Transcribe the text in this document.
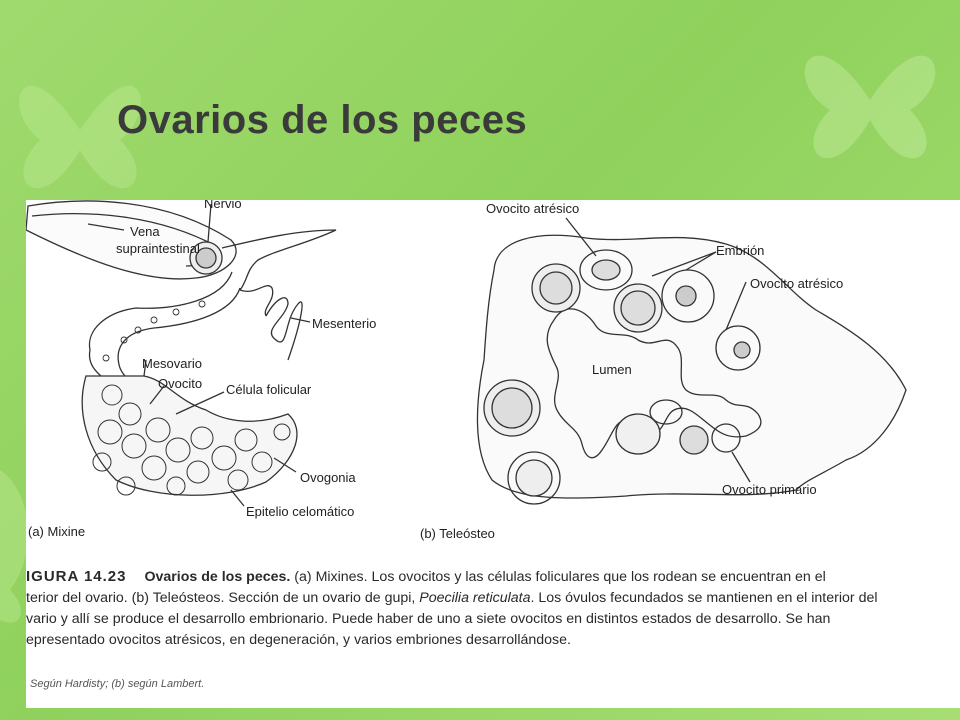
Ovarios de los peces
Nervio
Vena
supraintestinal
Mesenterio
Mesovario
Ovocito Célula folicular
Ovogonia
Epitelio celomático
(a) Mixine
Ovocito atrésico
Embrión
Ovocito atrésico
Lumen
Ovocito primario
(b) Teleósteo

IGURA 14.23 Ovarios de los peces. (a) Mixines. Los ovocitos y las células foliculares que los rodean se encuentran en el

terior del ovario. (b) Teleósteos. Sección de un ovario de gupi, Poecilia reticulata. Los óvulos fecundados se mantienen en el interior del

vario y allí se produce el desarrollo embrionario. Puede haber de uno a siete ovocitos en distintos estados de desarrollo. Se han

epresentado ovocitos atrésicos, en degeneración, y varios embriones desarrollándose.

Según Hardisty; (b) según Lambert.
